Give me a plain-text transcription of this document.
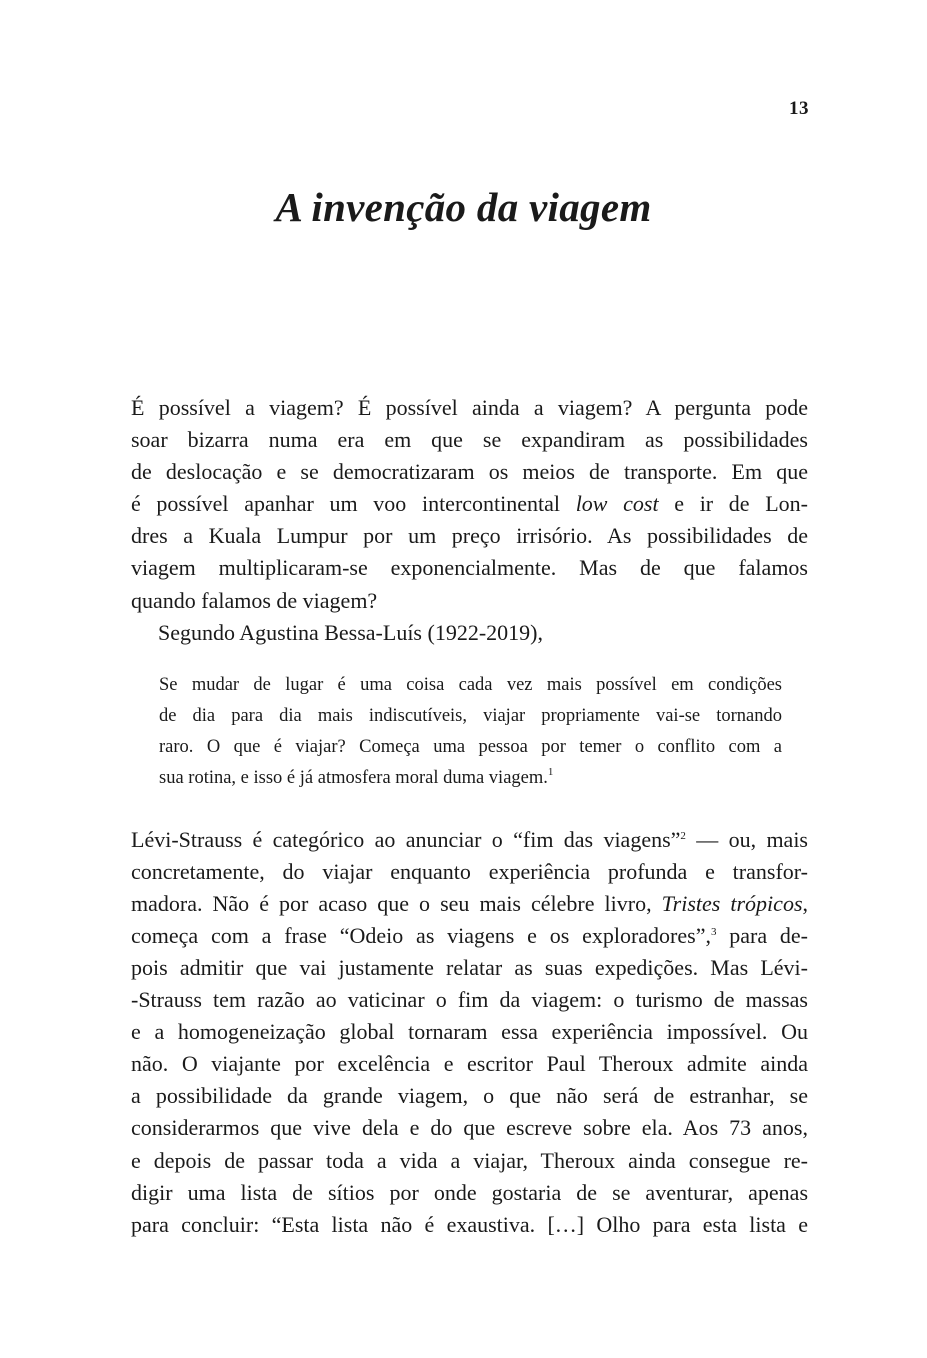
13
A invenção da viagem

É possível a viagem? É possível ainda a viagem? A pergunta pode
soar bizarra numa era em que se expandiram as possibilidades
de deslocação e se democratizaram os meios de transporte. Em que
é possível apanhar um voo intercontinental low cost e ir de Lon-
dres a Kuala Lumpur por um preço irrisório. As possibilidades de
viagem multiplicaram-se exponencialmente. Mas de que falamos
quando falamos de viagem?

Segundo Agustina Bessa-Luís (1922-2019),

Se mudar de lugar é uma coisa cada vez mais possível em condições
de dia para dia mais indiscutíveis, viajar propriamente vai-se tornando
raro. O que é viajar? Começa uma pessoa por temer o conflito com a
sua rotina, e isso é já atmosfera moral duma viagem.$^1$

Lévi-Strauss é categórico ao anunciar o “fim das viagens”$^2$ — ou, mais
concretamente, do viajar enquanto experiência profunda e transfor-
madora. Não é por acaso que o seu mais célebre livro, Tristes trópicos,
começa com a frase “Odeio as viagens e os exploradores”,$^3$ para de-
pois admitir que vai justamente relatar as suas expedições. Mas Lévi-
-Strauss tem razão ao vaticinar o fim da viagem: o turismo de massas
e a homogeneização global tornaram essa experiência impossível. Ou
não. O viajante por excelência e escritor Paul Theroux admite ainda
a possibilidade da grande viagem, o que não será de estranhar, se
considerarmos que vive dela e do que escreve sobre ela. Aos 73 anos,
e depois de passar toda a vida a viajar, Theroux ainda consegue re-
digir uma lista de sítios por onde gostaria de se aventurar, apenas
para concluir: “Esta lista não é exaustiva. […] Olho para esta lista e
